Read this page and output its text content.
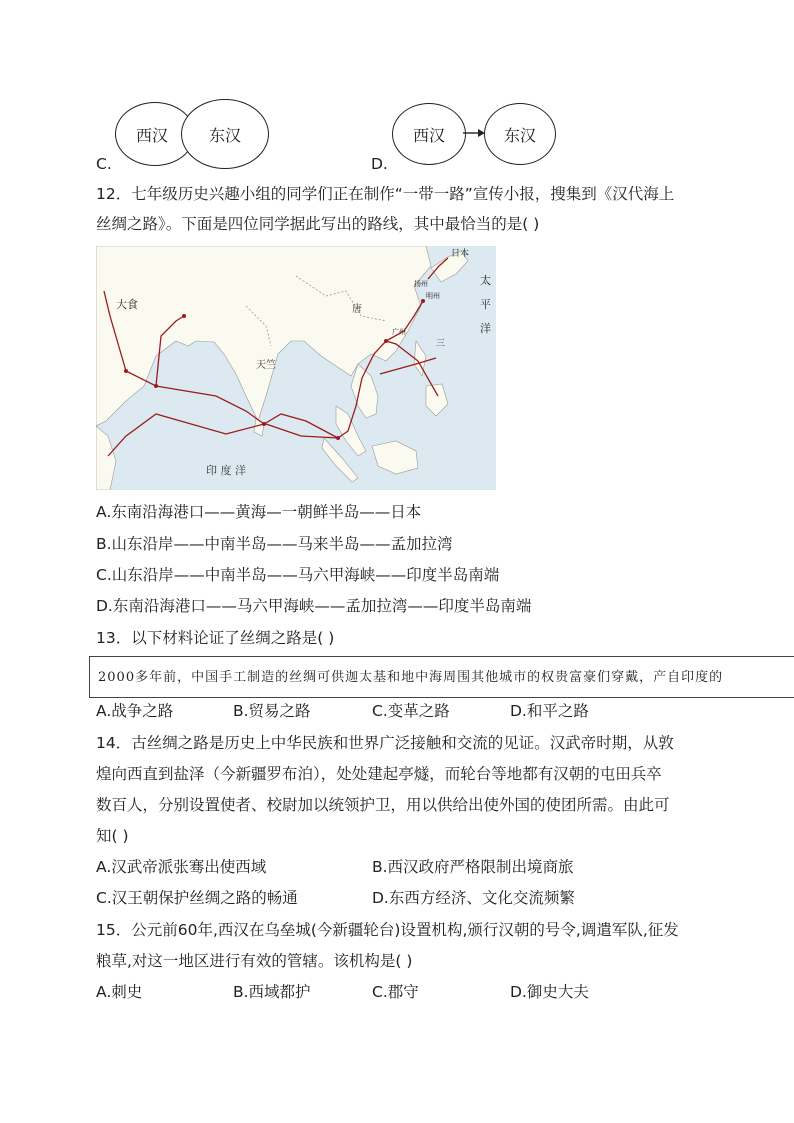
西汉	东汉
C.
西汉	东汉
D.
12．七年级历史兴趣小组的同学们正在制作“一带一路”宣传小报，搜集到《汉代海上
丝绸之路》。下面是四位同学据此写出的路线，其中最恰当的是( )
大食
天竺
唐
印 度 洋
太
平
洋
日本
三
广州
扬州
明州
A.东南沿海港口——黄海—一朝鲜半岛——日本
B.山东沿岸——中南半岛——马来半岛——孟加拉湾
C.山东沿岸——中南半岛——马六甲海峡——印度半岛南端
D.东南沿海港口——马六甲海峡——孟加拉湾——印度半岛南端
13．以下材料论证了丝绸之路是( )
2000多年前，中国手工制造的丝绸可供迦太基和地中海周围其他城市的权贵富豪们穿戴，产自印度的
A.战争之路	B.贸易之路	C.变革之路	D.和平之路
14．古丝绸之路是历史上中华民族和世界广泛接触和交流的见证。汉武帝时期，从敦
煌向西直到盐泽（今新疆罗布泊），处处建起亭燧，而轮台等地都有汉朝的屯田兵卒
数百人，分别设置使者、校尉加以统领护卫，用以供给出使外国的使团所需。由此可
知( )
A.汉武帝派张骞出使西域	B.西汉政府严格限制出境商旅
C.汉王朝保护丝绸之路的畅通	D.东西方经济、文化交流频繁
15．公元前60年,西汉在乌垒城(今新疆轮台)设置机构,颁行汉朝的号令,调遣军队,征发
粮草,对这一地区进行有效的管辖。该机构是( )
A.刺史	B.西域都护	C.郡守	D.御史大夫
